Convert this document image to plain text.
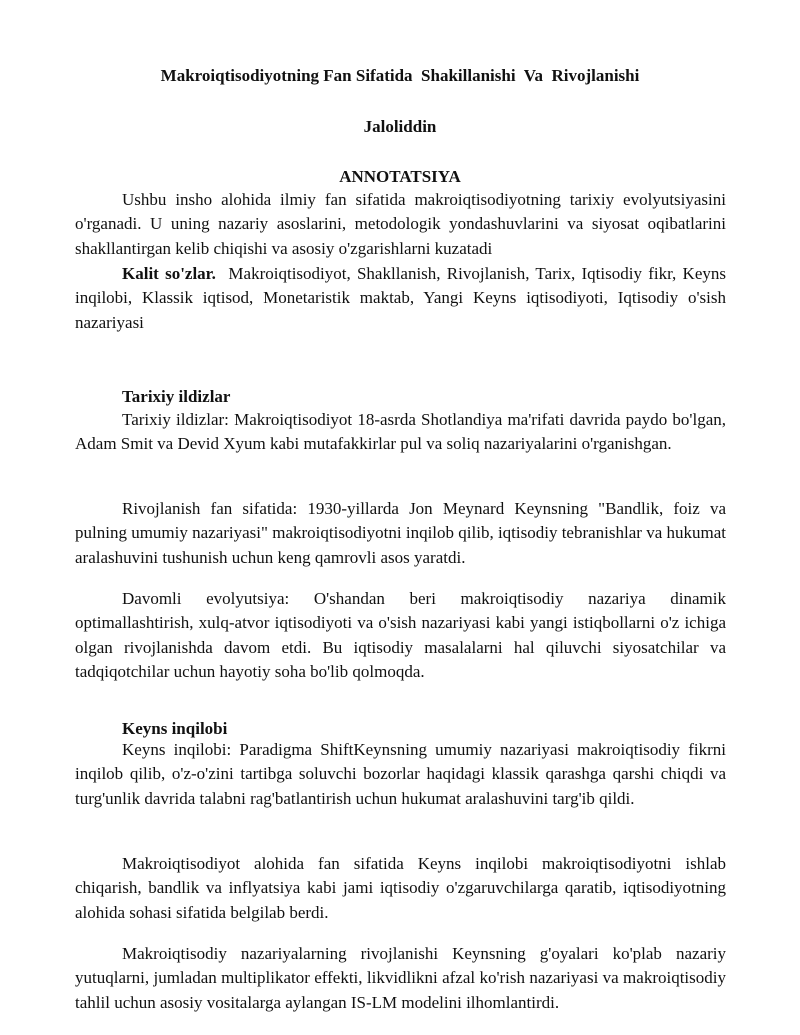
Makroiqtisodiyotning Fan Sifatida  Shakillanishi  Va  Rivojlanishi
Jaloliddin
ANNOTATSIYA

Ushbu insho alohida ilmiy fan sifatida makroiqtisodiyotning tarixiy evolyutsiyasini o'rganadi. U uning nazariy asoslarini, metodologik yondashuvlarini va siyosat oqibatlarini shakllantirgan kelib chiqishi va asosiy o'zgarishlarni kuzatadi

Kalit so'zlar. Makroiqtisodiyot, Shakllanish, Rivojlanish, Tarix, Iqtisodiy fikr, Keyns inqilobi, Klassik iqtisod, Monetaristik maktab, Yangi Keyns iqtisodiyoti, Iqtisodiy o'sish nazariyasi

Tarixiy ildizlar

Tarixiy ildizlar: Makroiqtisodiyot 18-asrda Shotlandiya ma'rifati davrida paydo bo'lgan, Adam Smit va Devid Xyum kabi mutafakkirlar pul va soliq nazariyalarini o'rganishgan.

Rivojlanish fan sifatida: 1930-yillarda Jon Meynard Keynsning "Bandlik, foiz va pulning umumiy nazariyasi" makroiqtisodiyotni inqilob qilib, iqtisodiy tebranishlar va hukumat aralashuvini tushunish uchun keng qamrovli asos yaratdi.

Davomli evolyutsiya: O'shandan beri makroiqtisodiy nazariya dinamik optimallashtirish, xulq-atvor iqtisodiyoti va o'sish nazariyasi kabi yangi istiqbollarni o'z ichiga olgan rivojlanishda davom etdi. Bu iqtisodiy masalalarni hal qiluvchi siyosatchilar va tadqiqotchilar uchun hayotiy soha bo'lib qolmoqda.

Keyns inqilobi

Keyns inqilobi: Paradigma ShiftKeynsning umumiy nazariyasi makroiqtisodiy fikrni inqilob qilib, o'z-o'zini tartibga soluvchi bozorlar haqidagi klassik qarashga qarshi chiqdi va turg'unlik davrida talabni rag'batlantirish uchun hukumat aralashuvini targ'ib qildi.

Makroiqtisodiyot alohida fan sifatida Keyns inqilobi makroiqtisodiyotni ishlab chiqarish, bandlik va inflyatsiya kabi jami iqtisodiy o'zgaruvchilarga qaratib, iqtisodiyotning alohida sohasi sifatida belgilab berdi.

Makroiqtisodiy nazariyalarning rivojlanishi Keynsning g'oyalari ko'plab nazariy yutuqlarni, jumladan multiplikator effekti, likvidlikni afzal ko'rish nazariyasi va makroiqtisodiy tahlil uchun asosiy vositalarga aylangan IS-LM modelini ilhomlantirdi.
